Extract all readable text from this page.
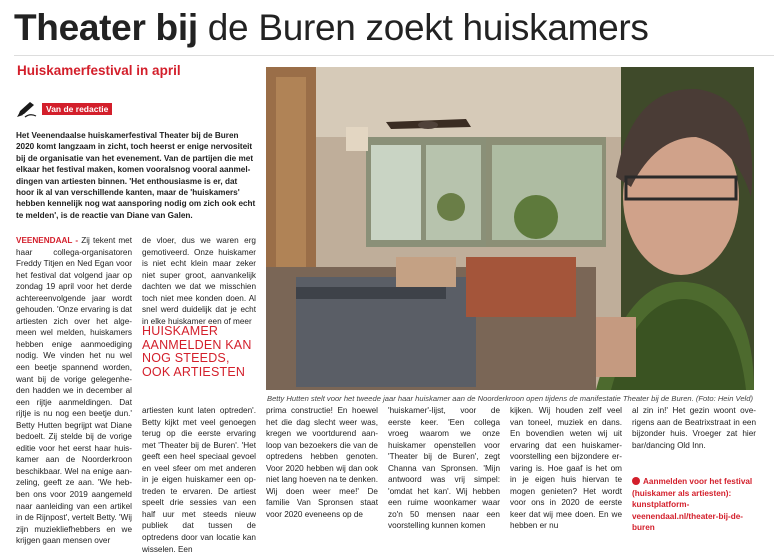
Theater bij de Buren zoekt huiskamers
Huiskamerfestival in april
Van de redactie
Het Veenendaalse huiskamerfestival Theater bij de Buren 2020 komt langzaam in zicht, toch heerst er enige nervositeit bij de organisatie van het evenement. Van de partijen die met elkaar het festival maken, komen vooralsnog vooral aanmeldingen van artiesten binnen. 'Het enthousiasme is er, dat hoor ik al van verschillende kanten, maar de 'huiskamers' hebben kennelijk nog wat aansporing nodig om zich ook echt te melden', is de reactie van Diane van Galen.
Betty Hutten stelt voor het tweede jaar haar huiskamer aan de Noorderkroon open tijdens de manifestatie Theater bij de Buren. (Foto: Hein Veld)
VEENENDAAL - Zij tekent met haar collega-organisatoren Freddy Titjen en Ned Egan voor het festival dat volgend jaar op zondag 19 april voor het derde achtereenvolgende jaar wordt gehouden. 'Onze ervaring is dat artiesten zich over het algemeen wel melden, huiskamers hebben enige aanmoediging nodig. We vinden het nu wel een beetje spannend worden, want bij de vorige gelegenheden hadden we in december al een rijtje aanmeldingen. Dat rijtje is nu nog een beetje dun.' Betty Hutten begrijpt wat Diane bedoelt. Zij stelde bij de vorige editie voor het eerst haar huiskamer aan de Noorderkroon beschikbaar. Wel na enige aanzeling, geeft ze aan. 'We hebben ons voor 2019 aangemeld naar aanleiding van een artikel in de Rijnpost', vertelt Betty. 'Wij zijn muziekliefhebbers en we krijgen gaan mensen over
de vloer, dus we waren erg gemotiveerd. Onze huiskamer is niet echt klein maar zeker niet super groot, aanvankelijk dachten we dat we misschien toch niet mee konden doen. Al snel werd duidelijk dat je echt in elke huiskamer een of meer
HUISKAMER AANMELDEN KAN NOG STEEDS, OOK ARTIESTEN
artiesten kunt laten optreden'. Betty kijkt met veel genoegen terug op die eerste ervaring met 'Theater bij de Buren'. 'Het geeft een heel speciaal gevoel en veel sfeer om met anderen in je eigen huiskamer een optreden te ervaren. De artiest speelt drie sessies van een half uur met steeds nieuw publiek dat tussen de optredens door van locatie kan wisselen. Een
prima constructie! En hoewel het die dag slecht weer was, kregen we voortdurend aanloop van bezoekers die van de optredens hebben genoten. Voor 2020 hebben wij dan ook niet lang hoeven na te denken. Wij doen weer mee!' De familie Van Spronsen staat voor 2020 eveneens op de
'huiskamer'-lijst, voor de eerste keer. 'Een collega vroeg waarom we onze huiskamer openstellen voor 'Theater bij de Buren', zegt Channa van Spronsen. 'Mijn antwoord was vrij simpel: 'omdat het kan'. Wij hebben een ruime woonkamer waar zo'n 50 mensen naar een voorstelling kunnen komen
kijken. Wij houden zelf veel van toneel, muziek en dans. En bovendien weten wij uit ervaring dat een huiskamervoorstelling een bijzondere ervaring is. Hoe gaaf is het om in je eigen huis hiervan te mogen genieten? Het wordt voor ons in 2020 de eerste keer dat wij mee doen. En we hebben er nu
al zin in!' Het gezin woont overigens aan de Beatrixstraat in een bijzonder huis. Vroeger zat hier bar/dancing Old Inn.
Aanmelden voor het festival (huiskamer als artiesten): kunstplatformveenendaal.nl/theater-bij-de-buren
